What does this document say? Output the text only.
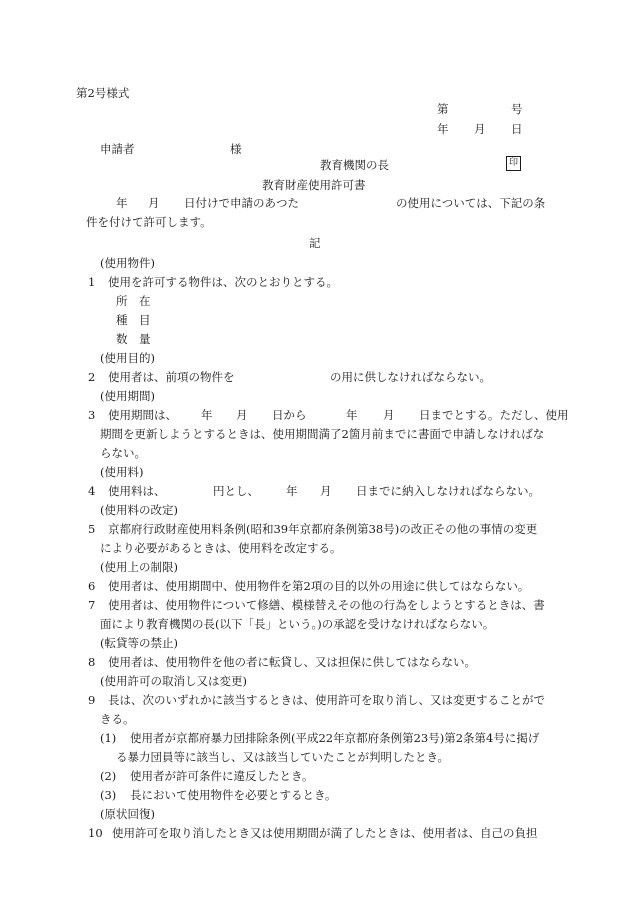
第2号様式
第	号
年 月 日
申請者	様
教育機関の長	印
教育財産使用許可書
年 月 日付けで申請のあつた	の使用については、下記の条
件を付けて許可します。
記
(使用物件)
1 使用を許可する物件は、次のとおりとする。
所　在
種　目
数　量
(使用目的)
2 使用者は、前項の物件を	の用に供しなければならない。
(使用期間)
3 使用期間は、 年 月 日から	年 月 日までとする。ただし、使用
期間を更新しようとするときは、使用期間満了2箇月前までに書面で申請しなければな
らない。
(使用料)
4 使用料は、	円とし、 年 月 日までに納入しなければならない。
(使用料の改定)
5 京都府行政財産使用料条例(昭和39年京都府条例第38号)の改正その他の事情の変更
により必要があるときは、使用料を改定する。
(使用上の制限)
6 使用者は、使用期間中、使用物件を第2項の目的以外の用途に供してはならない。
7 使用者は、使用物件について修繕、模様替えその他の行為をしようとするときは、書
面により教育機関の長(以下「長」という。)の承認を受けなければならない。
(転貸等の禁止)
8 使用者は、使用物件を他の者に転貸し、又は担保に供してはならない。
(使用許可の取消し又は変更)
9 長は、次のいずれかに該当するときは、使用許可を取り消し、又は変更することがで
きる。
(1) 使用者が京都府暴力団排除条例(平成22年京都府条例第23号)第2条第4号に掲げ
る暴力団員等に該当し、又は該当していたことが判明したとき。
(2) 使用者が許可条件に違反したとき。
(3) 長において使用物件を必要とするとき。
(原状回復)
10 使用許可を取り消したとき又は使用期間が満了したときは、使用者は、自己の負担
